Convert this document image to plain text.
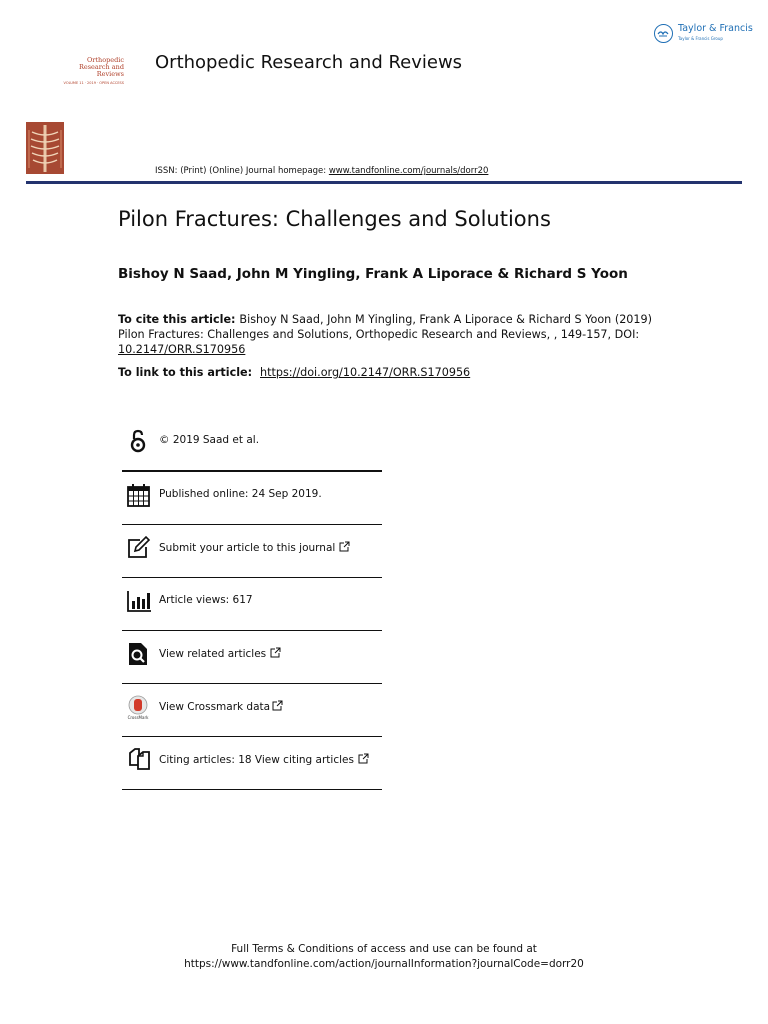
Taylor & Francis
Taylor & Francis Group
Orthopedic
Research and
Reviews
VOLUME 11 · 2019 · OPEN ACCESS
Orthopedic Research and Reviews
ISSN: (Print) (Online) Journal homepage: www.tandfonline.com/journals/dorr20
Pilon Fractures: Challenges and Solutions
Bishoy N Saad, John M Yingling, Frank A Liporace & Richard S Yoon
To cite this article: Bishoy N Saad, John M Yingling, Frank A Liporace & Richard S Yoon (2019) Pilon Fractures: Challenges and Solutions, Orthopedic Research and Reviews, , 149-157, DOI: 10.2147/ORR.S170956
To link to this article: https://doi.org/10.2147/ORR.S170956
© 2019 Saad et al.
Published online: 24 Sep 2019.
Submit your article to this journal
Article views: 617
View related articles
CrossMark
View Crossmark data
Citing articles: 18 View citing articles
Full Terms & Conditions of access and use can be found at
https://www.tandfonline.com/action/journalInformation?journalCode=dorr20
